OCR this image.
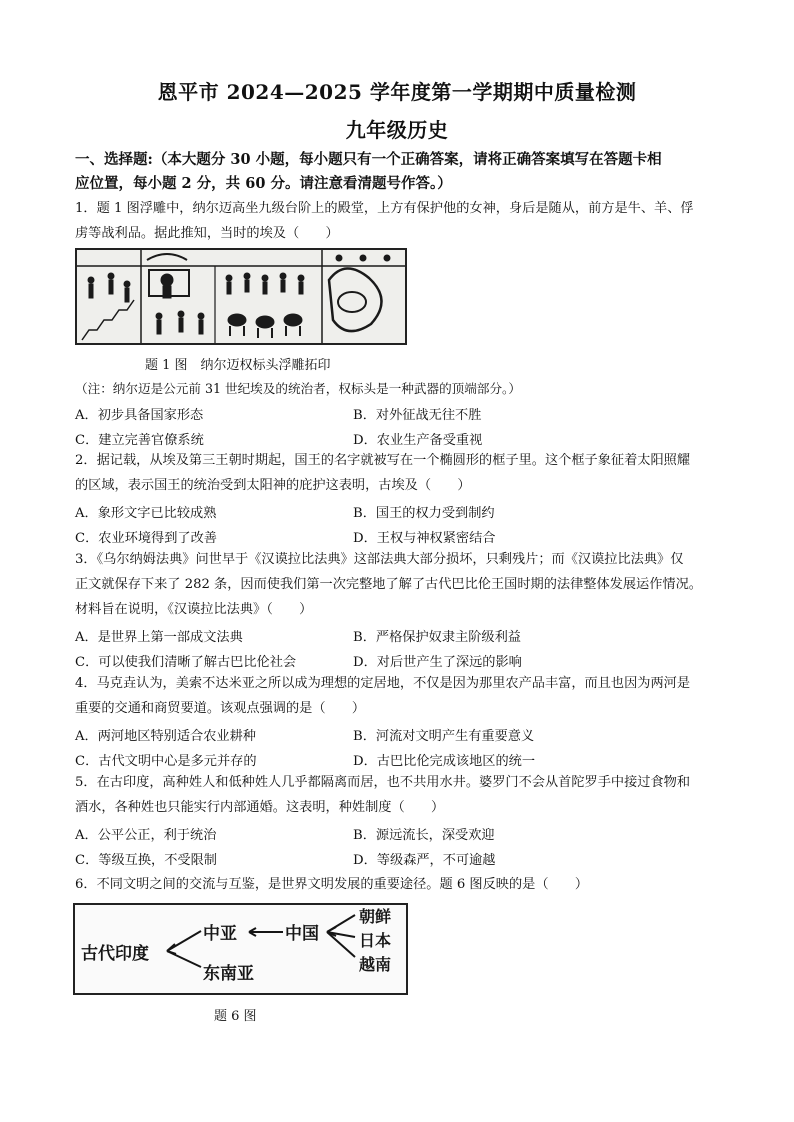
恩平市 2024—2025 学年度第一学期期中质量检测
九年级历史
一、选择题:（本大题分 30 小题，每小题只有一个正确答案，请将正确答案填写在答题卡相
应位置，每小题 2 分，共 60 分。请注意看清题号作答。）
1．题 1 图浮雕中，纳尔迈高坐九级台阶上的殿堂，上方有保护他的女神，身后是随从，前方是牛、羊、俘
虏等战利品。据此推知，当时的埃及（　　）
题 1 图　纳尔迈权标头浮雕拓印
（注：纳尔迈是公元前 31 世纪埃及的统治者，权标头是一种武器的顶端部分。）
A．初步具备国家形态	B．对外征战无往不胜
C．建立完善官僚系统	D．农业生产备受重视
2．据记载，从埃及第三王朝时期起，国王的名字就被写在一个椭圆形的框子里。这个框子象征着太阳照耀
的区域，表示国王的统治受到太阳神的庇护这表明，古埃及（　　）
A．象形文字已比较成熟	B．国王的权力受到制约
C．农业环境得到了改善	D．王权与神权紧密结合
3．《乌尔纳姆法典》问世早于《汉谟拉比法典》这部法典大部分损坏，只剩残片；而《汉谟拉比法典》仅
正文就保存下来了 282 条，因而使我们第一次完整地了解了古代巴比伦王国时期的法律整体发展运作情况。
材料旨在说明，《汉谟拉比法典》（　　）
A．是世界上第一部成文法典	B．严格保护奴隶主阶级利益
C．可以使我们清晰了解古巴比伦社会	D．对后世产生了深远的影响
4．马克垚认为，美索不达米亚之所以成为理想的定居地，不仅是因为那里农产品丰富，而且也因为两河是
重要的交通和商贸要道。该观点强调的是（　　）
A．两河地区特别适合农业耕种	B．河流对文明产生有重要意义
C．古代文明中心是多元并存的	D．古巴比伦完成该地区的统一
5．在古印度，高种姓人和低种姓人几乎都隔离而居，也不共用水井。婆罗门不会从首陀罗手中接过食物和
酒水，各种姓也只能实行内部通婚。这表明，种姓制度（　　）
A．公平公正，利于统治	B．源远流长，深受欢迎
C．等级互换，不受限制	D．等级森严，不可逾越
6．不同文明之间的交流与互鉴，是世界文明发展的重要途径。题 6 图反映的是（　　）
古代印度
中亚
东南亚
中国
朝鲜
日本
越南
题 6 图
